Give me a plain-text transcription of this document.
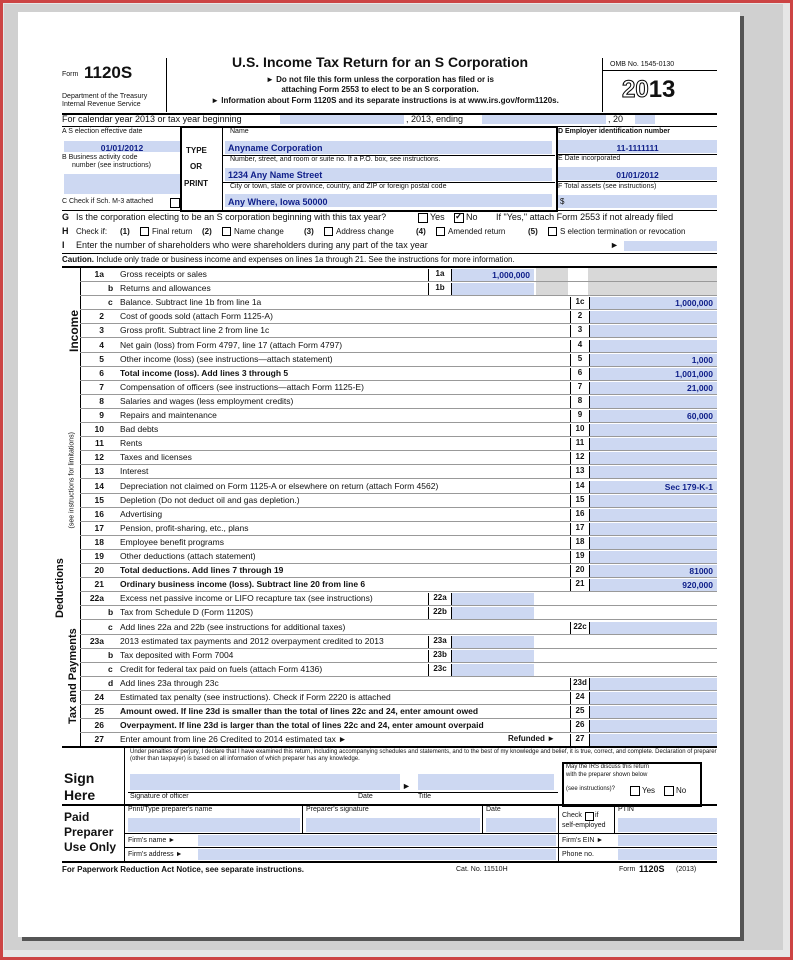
Form 1120S
Department of the Treasury
Internal Revenue Service
U.S. Income Tax Return for an S Corporation
► Do not file this form unless the corporation has filed or is
attaching Form 2553 to elect to be an S corporation.
► Information about Form 1120S and its separate instructions is at www.irs.gov/form1120s.
OMB No. 1545-0130
2013
For calendar year 2013 or tax year beginning	, 2013, ending	, 20
A S election effective date
01/01/2012
B Business activity code
number (see instructions)
C Check if Sch. M-3 attached
TYPE
OR
PRINT
Name
Anyname Corporation
Number, street, and room or suite no. If a P.O. box, see instructions.
1234 Any Name Street
City or town, state or province, country, and ZIP or foreign postal code
Any Where, Iowa 50000
D Employer identification number
11-1111111
E Date incorporated
01/01/2012
F Total assets (see instructions)
$
G Is the corporation electing to be an S corporation beginning with this tax year?	Yes ✓ No If "Yes," attach Form 2553 if not already filed
H Check if: (1)	Final return (2)	Name change	(3)	Address change	(4)	Amended return	(5)	S election termination or revocation
I Enter the number of shareholders who were shareholders during any part of the tax year	►
Caution. Include only trade or business income and expenses on lines 1a through 21. See the instructions for more information.
Income
Deductions
(see instructions for limitations)
Tax and Payments
1a Gross receipts or sales	1a	1,000,000
b Returns and allowances	1b
c Balance. Subtract line 1b from line 1a	1c	1,000,000
2 Cost of goods sold (attach Form 1125-A)	2
3 Gross profit. Subtract line 2 from line 1c	3
4 Net gain (loss) from Form 4797, line 17 (attach Form 4797)	4
5 Other income (loss) (see instructions—attach statement)	5	1,000
6 Total income (loss). Add lines 3 through 5	6	1,001,000
7 Compensation of officers (see instructions—attach Form 1125-E)	7	21,000
8 Salaries and wages (less employment credits)	8
9 Repairs and maintenance	9	60,000
10 Bad debts	10
11 Rents	11
12 Taxes and licenses	12
13 Interest	13
14 Depreciation not claimed on Form 1125-A or elsewhere on return (attach Form 4562)	14	Sec 179-K-1
15 Depletion (Do not deduct oil and gas depletion.)	15
16 Advertising	16
17 Pension, profit-sharing, etc., plans	17
18 Employee benefit programs	18
19 Other deductions (attach statement)	19
20 Total deductions. Add lines 7 through 19	20	81000
21 Ordinary business income (loss). Subtract line 20 from line 6	21	920,000
22a Excess net passive income or LIFO recapture tax (see instructions)	22a
b Tax from Schedule D (Form 1120S)	22b
c Add lines 22a and 22b (see instructions for additional taxes)	22c
23a 2013 estimated tax payments and 2012 overpayment credited to 2013	23a
b Tax deposited with Form 7004	23b
c Credit for federal tax paid on fuels (attach Form 4136)	23c
d Add lines 23a through 23c	23d
24 Estimated tax penalty (see instructions). Check if Form 2220 is attached	24
25 Amount owed. If line 23d is smaller than the total of lines 22c and 24, enter amount owed	25
26 Overpayment. If line 23d is larger than the total of lines 22c and 24, enter amount overpaid	26
27 Enter amount from line 26 Credited to 2014 estimated tax ►	Refunded ►	27
Sign
Here
Under penalties of perjury, I declare that I have examined this return, including accompanying schedules and statements, and to the best of my knowledge and belief, it is true, correct, and complete. Declaration of preparer (other than taxpayer) is based on all information of which preparer has any knowledge.
Signature of officer	Date
►
Title
May the IRS discuss this return
with the preparer shown below
(see instructions)?	Yes	No
Paid
Preparer
Use Only
Print/Type preparer's name	Preparer's signature	Date
Check if
self-employed
PTIN
Firm's name ►	Firm's EIN ►
Firm's address ►	Phone no.
For Paperwork Reduction Act Notice, see separate instructions.	Cat. No. 11510H	Form 1120S (2013)
